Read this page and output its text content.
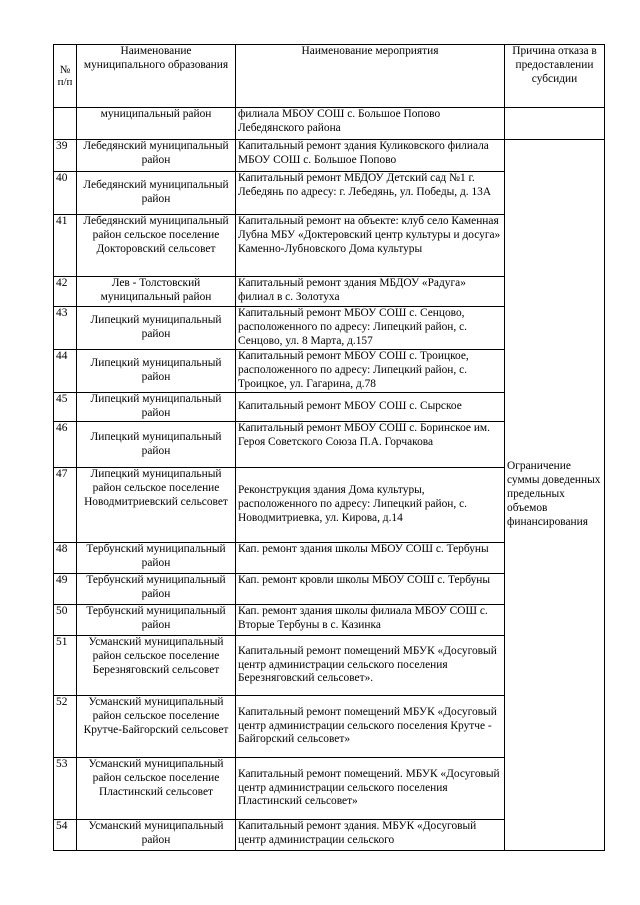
№ п/п	Наименование муниципального образования	Наименование мероприятия	Причина отказа в предоставлении субсидии
	муниципальный район	филиала МБОУ СОШ с. Большое Попово Лебедянского района	
39	Лебедянский муниципальный район	Капитальный ремонт здания Куликовского филиала МБОУ СОШ с. Большое Попово	Ограничение суммы доведенных предельных объемов финансирования
40	Лебедянский муниципальный район	Капитальный ремонт МБДОУ Детский сад №1 г. Лебедянь по адресу: г. Лебедянь, ул. Победы, д. 13А	
41	Лебедянский муниципальный район сельское поселение Докторовский сельсовет	Капитальный ремонт на объекте: клуб село Каменная Лубна МБУ «Доктеровский центр культуры и досуга» Каменно-Лубновского Дома культуры	
42	Лев - Толстовский муниципальный район	Капитальный ремонт здания МБДОУ «Радуга» филиал в с. Золотуха	
43	Липецкий муниципальный район	Капитальный ремонт МБОУ СОШ с. Сенцово, расположенного по адресу: Липецкий район, с. Сенцово, ул. 8 Марта, д.157	
44	Липецкий муниципальный район	Капитальный ремонт МБОУ СОШ с. Троицкое, расположенного по адресу: Липецкий район, с. Троицкое, ул. Гагарина, д.78	
45	Липецкий муниципальный район	Капитальный ремонт МБОУ СОШ с. Сырское	
46	Липецкий муниципальный район	Капитальный ремонт МБОУ СОШ с. Боринское им. Героя Советского Союза П.А. Горчакова	
47	Липецкий муниципальный район сельское поселение Новодмитриевский сельсовет	Реконструкция здания Дома культуры, расположенного по адресу: Липецкий район, с. Новодмитриевка, ул. Кирова, д.14	
48	Тербунский муниципальный район	Кап. ремонт здания школы МБОУ СОШ с. Тербуны	
49	Тербунский муниципальный район	Кап. ремонт кровли школы МБОУ СОШ с. Тербуны	
50	Тербунский муниципальный район	Кап. ремонт здания школы филиала МБОУ СОШ с. Вторые Тербуны в с. Казинка	
51	Усманский муниципальный район сельское поселение Березняговский сельсовет	Капитальный ремонт помещений МБУК «Досуговый центр администрации сельского поселения Березняговский сельсовет».	
52	Усманский муниципальный район сельское поселение Крутче-Байгорский сельсовет	Капитальный ремонт помещений МБУК «Досуговый центр администрации сельского поселения Крутче - Байгорский сельсовет»	
53	Усманский муниципальный район сельское поселение Пластинский сельсовет	Капитальный ремонт помещений. МБУК «Досуговый центр администрации сельского поселения Пластинский сельсовет»	
54	Усманский муниципальный район	Капитальный ремонт здания. МБУК «Досуговый центр администрации сельского	
